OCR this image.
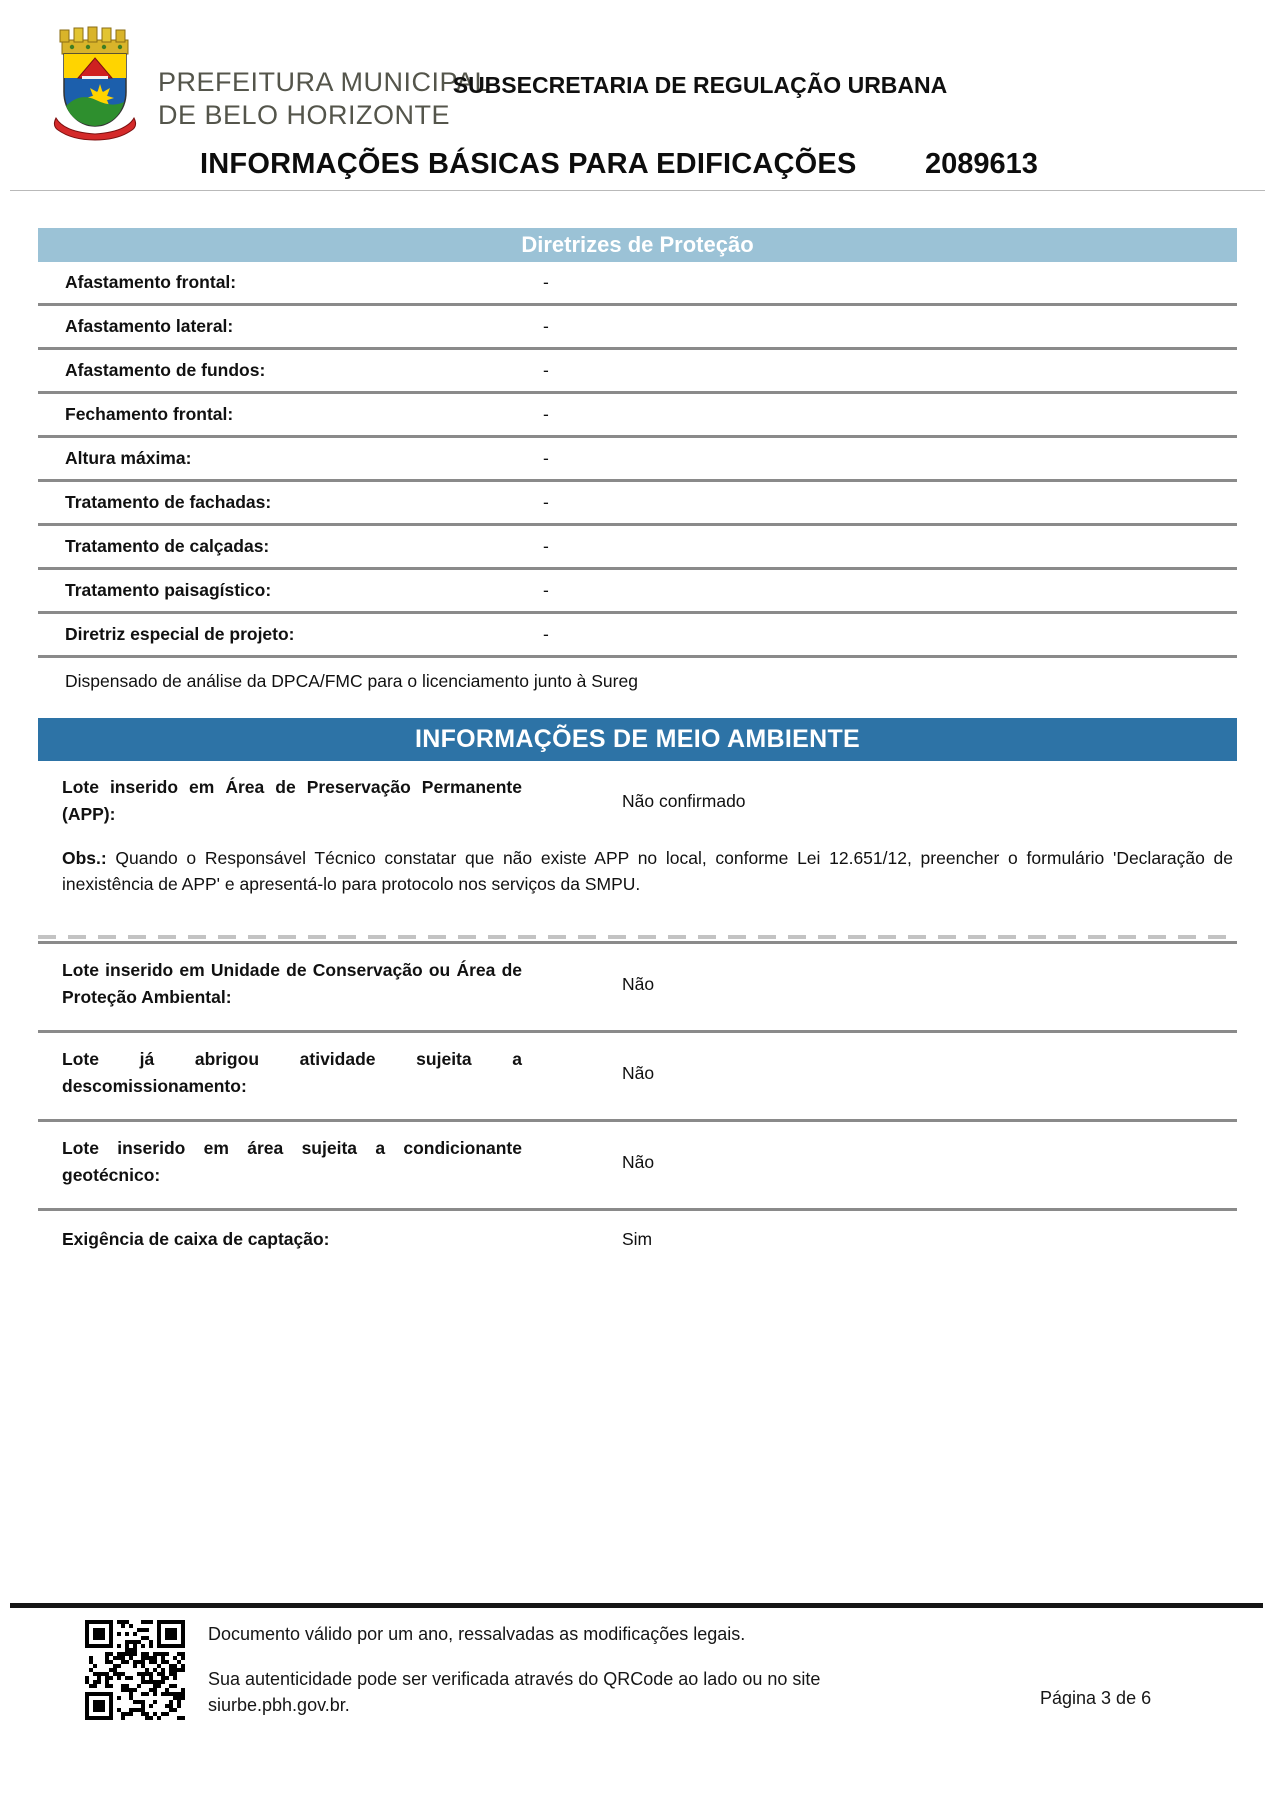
PREFEITURA MUNICIPAL
DE BELO HORIZONTE
SUBSECRETARIA DE REGULAÇÃO URBANA
INFORMAÇÕES BÁSICAS PARA EDIFICAÇÕES 2089613
Diretrizes de Proteção
Afastamento frontal:	-
Afastamento lateral:	-
Afastamento de fundos:	-
Fechamento frontal:	-
Altura máxima:	-
Tratamento de fachadas:	-
Tratamento de calçadas:	-
Tratamento paisagístico:	-
Diretriz especial de projeto:	-
Dispensado de análise da DPCA/FMC para o licenciamento junto à Sureg
INFORMAÇÕES DE MEIO AMBIENTE
Lote inserido em Área de Preservação Permanente (APP):
Não confirmado

Obs.: Quando o Responsável Técnico constatar que não existe APP no local, conforme Lei 12.651/12, preencher o formulário 'Declaração de inexistência de APP' e apresentá-lo para protocolo nos serviços da SMPU.

Lote inserido em Unidade de Conservação ou Área de Proteção Ambiental:
Não
Lote já abrigou atividade sujeita a descomissionamento:
Não
Lote inserido em área sujeita a condicionante geotécnico:
Não
Exigência de caixa de captação:	Sim
Documento válido por um ano, ressalvadas as modificações legais.
Sua autenticidade pode ser verificada através do QRCode ao lado ou no site siurbe.pbh.gov.br.	Página 3 de 6
